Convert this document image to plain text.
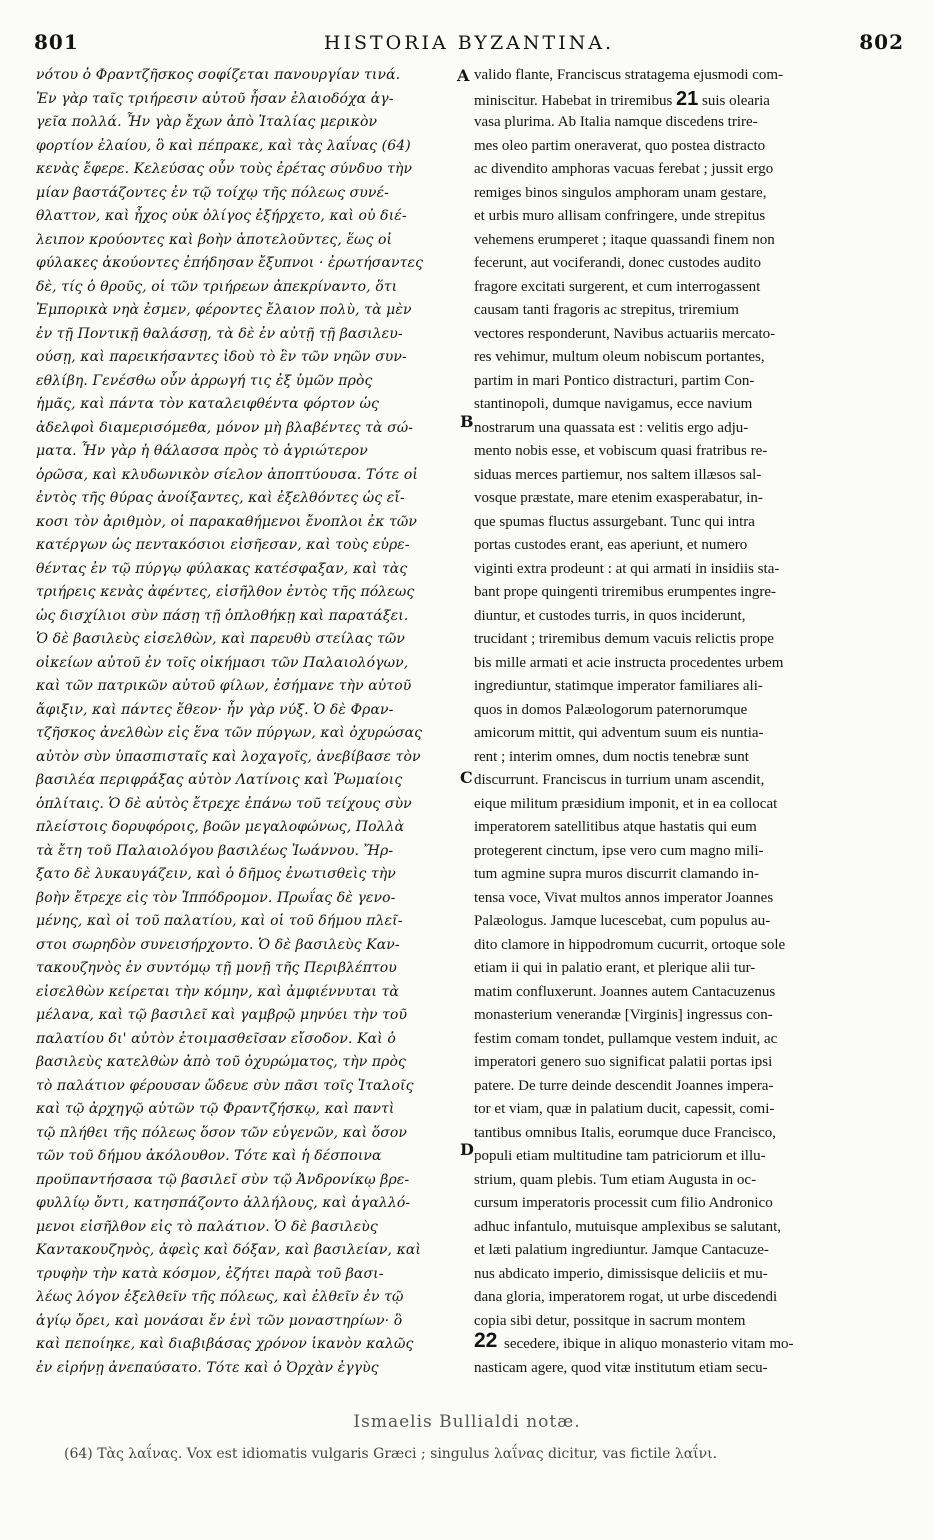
801	HISTORIA BYZANTINA.	802
νότου ὁ Φραντζῆσκος σοφίζεται πανουργίαν τινά.
Ἐν γὰρ ταῖς τριήρεσιν αὐτοῦ ἦσαν ἐλαιοδόχα ἀγ-
γεῖα πολλά. Ἦν γὰρ ἔχων ἀπὸ Ἰταλίας μερικὸν
φορτίον ἐλαίου, ὃ καὶ πέπρακε, καὶ τὰς λαΐνας (64)
κενὰς ἔφερε. Κελεύσας οὖν τοὺς ἐρέτας σύνδυο τὴν
μίαν βαστάζοντες ἐν τῷ τοίχῳ τῆς πόλεως συνέ-
θλαττον, καὶ ἦχος οὐκ ὀλίγος ἐξήρχετο, καὶ οὐ διέ-
λειπον κρούοντες καὶ βοὴν ἀποτελοῦντες, ἕως οἱ
φύλακες ἀκούοντες ἐπήδησαν ἔξυπνοι · ἐρωτήσαντες
δὲ, τίς ὁ θροῦς, οἱ τῶν τριήρεων ἀπεκρίναντο, ὅτι
Ἐμπορικὰ νηὰ ἐσμεν, φέροντες ἔλαιον πολὺ, τὰ μὲν
ἐν τῇ Ποντικῇ θαλάσσῃ, τὰ δὲ ἐν αὐτῇ τῇ βασιλευ-
ούσῃ, καὶ παρεικήσαντες ἰδοὺ τὸ ἓν τῶν νηῶν συν-
εθλίβη. Γενέσθω οὖν ἀρρωγή τις ἐξ ὑμῶν πρὸς
ἡμᾶς, καὶ πάντα τὸν καταλειφθέντα φόρτον ὡς
ἀδελφοὶ διαμερισόμεθα, μόνον μὴ βλαβέντες τὰ σώ-
ματα. Ἦν γὰρ ἡ θάλασσα πρὸς τὸ ἀγριώτερον
ὁρῶσα, καὶ κλυδωνικὸν σίελον ἀποπτύουσα. Τότε οἱ
ἐντὸς τῆς θύρας ἀνοίξαντες, καὶ ἐξελθόντες ὡς εἴ-
κοσι τὸν ἀριθμὸν, οἱ παρακαθήμενοι ἔνοπλοι ἐκ τῶν
κατέργων ὡς πεντακόσιοι εἰσῆεσαν, καὶ τοὺς εὑρε-
θέντας ἐν τῷ πύργῳ φύλακας κατέσφαξαν, καὶ τὰς
τριήρεις κενὰς ἀφέντες, εἰσῆλθον ἐντὸς τῆς πόλεως
ὡς δισχίλιοι σὺν πάσῃ τῇ ὁπλοθήκῃ καὶ παρατάξει.
Ὁ δὲ βασιλεὺς εἰσελθὼν, καὶ παρευθὺ στείλας τῶν
οἰκείων αὐτοῦ ἐν τοῖς οἰκήμασι τῶν Παλαιολόγων,
καὶ τῶν πατρικῶν αὐτοῦ φίλων, ἐσήμανε τὴν αὐτοῦ
ἄφιξιν, καὶ πάντες ἔθεον· ἦν γὰρ νύξ. Ὁ δὲ Φραν-
τζῆσκος ἀνελθὼν εἰς ἕνα τῶν πύργων, καὶ ὀχυρώσας
αὐτὸν σὺν ὑπασπισταῖς καὶ λοχαγοῖς, ἀνεβίβασε τὸν
βασιλέα περιφράξας αὐτὸν Λατίνοις καὶ Ῥωμαίοις
ὁπλίταις. Ὁ δὲ αὐτὸς ἔτρεχε ἐπάνω τοῦ τείχους σὺν
πλείστοις δορυφόροις, βοῶν μεγαλοφώνως, Πολλὰ
τὰ ἔτη τοῦ Παλαιολόγου βασιλέως Ἰωάννου. Ἤρ-
ξατο δὲ λυκαυγάζειν, καὶ ὁ δῆμος ἐνωτισθεὶς τὴν
βοὴν ἔτρεχε εἰς τὸν Ἱππόδρομον. Πρωΐας δὲ γενο-
μένης, καὶ οἱ τοῦ παλατίου, καὶ οἱ τοῦ δήμου πλεῖ-
στοι σωρηδὸν συνεισήρχοντο. Ὁ δὲ βασιλεὺς Καν-
τακουζηνὸς ἐν συντόμῳ τῇ μονῇ τῆς Περιβλέπτου
εἰσελθὼν κείρεται τὴν κόμην, καὶ ἀμφιέννυται τὰ
μέλανα, καὶ τῷ βασιλεῖ καὶ γαμβρῷ μηνύει τὴν τοῦ
παλατίου δι' αὐτὸν ἑτοιμασθεῖσαν εἴσοδον. Καὶ ὁ
βασιλεὺς κατελθὼν ἀπὸ τοῦ ὀχυρώματος, τὴν πρὸς
τὸ παλάτιον φέρουσαν ὥδευε σὺν πᾶσι τοῖς Ἰταλοῖς
καὶ τῷ ἀρχηγῷ αὐτῶν τῷ Φραντζήσκῳ, καὶ παντὶ
τῷ πλήθει τῆς πόλεως ὅσον τῶν εὐγενῶν, καὶ ὅσον
τῶν τοῦ δήμου ἀκόλουθον. Τότε καὶ ἡ δέσποινα
προϋπαντήσασα τῷ βασιλεῖ σὺν τῷ Ἀνδρονίκῳ βρε-
φυλλίῳ ὄντι, κατησπάζοντο ἀλλήλους, καὶ ἀγαλλό-
μενοι εἰσῆλθον εἰς τὸ παλάτιον. Ὁ δὲ βασιλεὺς
Καντακουζηνὸς, ἀφεὶς καὶ δόξαν, καὶ βασιλείαν, καὶ
τρυφὴν τὴν κατὰ κόσμον, ἐζήτει παρὰ τοῦ βασι-
λέως λόγον ἐξελθεῖν τῆς πόλεως, καὶ ἐλθεῖν ἐν τῷ
ἁγίῳ ὄρει, καὶ μονάσαι ἔν ἑνὶ τῶν μοναστηρίων· ὃ
καὶ πεποίηκε, καὶ διαβιβάσας χρόνον ἱκανὸν καλῶς
ἐν εἰρήνῃ ἀνεπαύσατο. Τότε καὶ ὁ Ὀρχὰν ἐγγὺς
A
B
C
D
valido flante, Franciscus stratagema ejusmodi com-
miniscitur. Habebat in triremibus 21 suis olearia
vasa plurima. Ab Italia namque discedens trire-
mes oleo partim oneraverat, quo postea distracto
ac divendito amphoras vacuas ferebat ; jussit ergo
remiges binos singulos amphoram unam gestare,
et urbis muro allisam confringere, unde strepitus
vehemens erumperet ; itaque quassandi finem non
fecerunt, aut vociferandi, donec custodes audito
fragore excitati surgerent, et cum interrogassent
causam tanti fragoris ac strepitus, triremium
vectores responderunt, Navibus actuariis mercato-
res vehimur, multum oleum nobiscum portantes,
partim in mari Pontico distracturi, partim Con-
stantinopoli, dumque navigamus, ecce navium
nostrarum una quassata est : velitis ergo adju-
mento nobis esse, et vobiscum quasi fratribus re-
siduas merces partiemur, nos saltem illæsos sal-
vosque præstate, mare etenim exasperabatur, in-
que spumas fluctus assurgebant. Tunc qui intra
portas custodes erant, eas aperiunt, et numero
viginti extra prodeunt : at qui armati in insidiis sta-
bant prope quingenti triremibus erumpentes ingre-
diuntur, et custodes turris, in quos inciderunt,
trucidant ; triremibus demum vacuis relictis prope
bis mille armati et acie instructa procedentes urbem
ingrediuntur, statimque imperator familiares ali-
quos in domos Palæologorum paternorumque
amicorum mittit, qui adventum suum eis nuntia-
rent ; interim omnes, dum noctis tenebræ sunt
discurrunt. Franciscus in turrium unam ascendit,
eique militum præsidium imponit, et in ea collocat
imperatorem satellitibus atque hastatis qui eum
protegerent cinctum, ipse vero cum magno mili-
tum agmine supra muros discurrit clamando in-
tensa voce, Vivat multos annos imperator Joannes
Palæologus. Jamque lucescebat, cum populus au-
dito clamore in hippodromum cucurrit, ortoque sole
etiam ii qui in palatio erant, et plerique alii tur-
matim confluxerunt. Joannes autem Cantacuzenus
monasterium venerandæ [Virginis] ingressus con-
festim comam tondet, pullamque vestem induit, ac
imperatori genero suo significat palatii portas ipsi
patere. De turre deinde descendit Joannes impera-
tor et viam, quæ in palatium ducit, capessit, comi-
tantibus omnibus Italis, eorumque duce Francisco,
populi etiam multitudine tam patriciorum et illu-
strium, quam plebis. Tum etiam Augusta in oc-
cursum imperatoris processit cum filio Andronico
adhuc infantulo, mutuisque amplexibus se salutant,
et læti palatium ingrediuntur. Jamque Cantacuze-
nus abdicato imperio, dimissisque deliciis et mu-
dana gloria, imperatorem rogat, ut urbe discedendi
copia sibi detur, possitque in sacrum montem
secedere, ibique in aliquo monasterio vitam mo-
nasticam agere, quod vitæ institutum etiam secu-
22
Ismaelis Bullialdi notæ.
(64) Τὰς λαΐνας. Vox est idiomatis vulgaris Græci ; singulus λαΐνας dicitur, vas fictile λαΐνι.
